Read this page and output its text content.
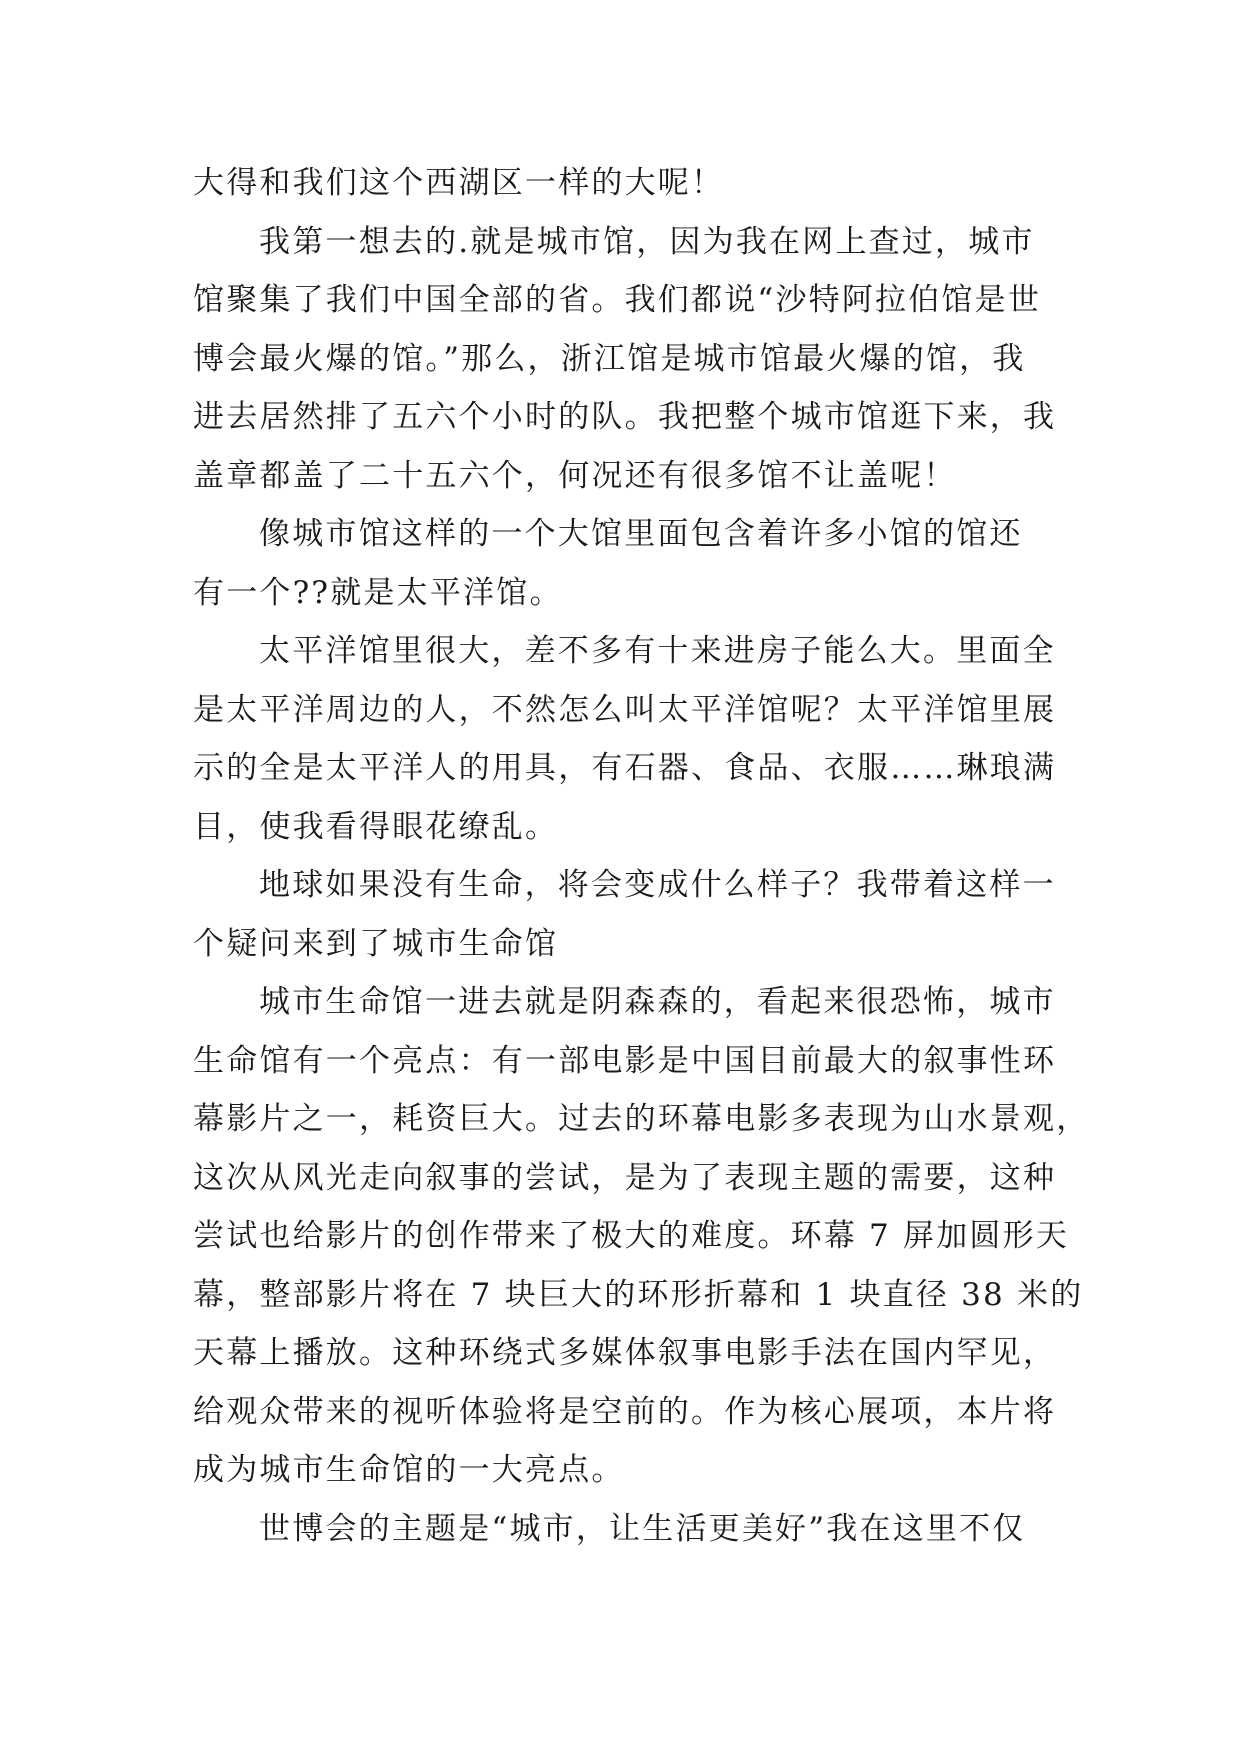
大得和我们这个西湖区一样的大呢！
我第一想去的.就是城市馆，因为我在网上查过，城市
馆聚集了我们中国全部的省。我们都说“沙特阿拉伯馆是世
博会最火爆的馆。”那么，浙江馆是城市馆最火爆的馆，我
进去居然排了五六个小时的队。我把整个城市馆逛下来，我
盖章都盖了二十五六个，何况还有很多馆不让盖呢！
像城市馆这样的一个大馆里面包含着许多小馆的馆还
有一个??就是太平洋馆。
太平洋馆里很大，差不多有十来进房子能么大。里面全
是太平洋周边的人，不然怎么叫太平洋馆呢？太平洋馆里展
示的全是太平洋人的用具，有石器、食品、衣服……琳琅满
目，使我看得眼花缭乱。
地球如果没有生命，将会变成什么样子？我带着这样一
个疑问来到了城市生命馆
城市生命馆一进去就是阴森森的，看起来很恐怖，城市
生命馆有一个亮点：有一部电影是中国目前最大的叙事性环
幕影片之一，耗资巨大。过去的环幕电影多表现为山水景观，
这次从风光走向叙事的尝试，是为了表现主题的需要，这种
尝试也给影片的创作带来了极大的难度。环幕 7 屏加圆形天
幕，整部影片将在 7 块巨大的环形折幕和 1 块直径 38 米的
天幕上播放。这种环绕式多媒体叙事电影手法在国内罕见，
给观众带来的视听体验将是空前的。作为核心展项，本片将
成为城市生命馆的一大亮点。
世博会的主题是“城市，让生活更美好”我在这里不仅
